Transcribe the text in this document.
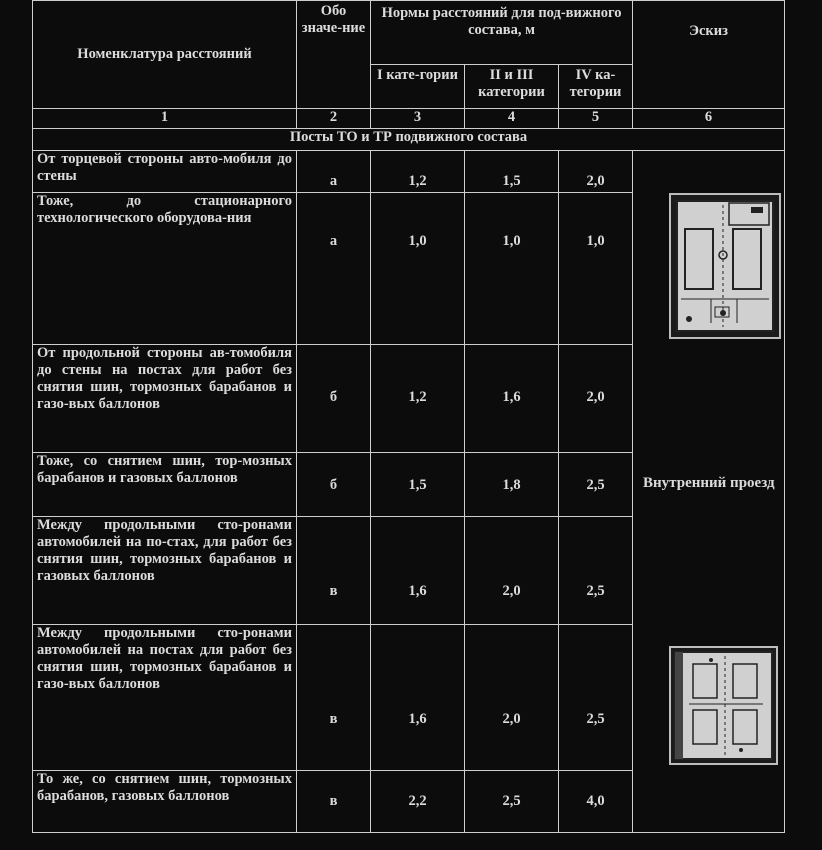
Номенклатура расстояний	Обо значе-ние	Нормы расстояний для под-вижного состава, м			Эскиз
		I кате-гории	II и III категории	IV ка-тегории	
1	2	3	4	5	6
Посты ТО и ТР подвижного состава					
От торцевой стороны авто-мобиля до стены	а	1,2	1,5	2,0	Внутренний проезд

Тоже, до стационарного технологического оборудова-ния	а	1,0	1,0	1,0	
От продольной стороны ав-томобиля до стены на постах для работ без снятия шин, тормозных барабанов и газо-вых баллонов	б	1,2	1,6	2,0	
Тоже, со снятием шин, тор-мозных барабанов и газовых баллонов	б	1,5	1,8	2,5	
Между продольными сто-ронами автомобилей на по-стах, для работ без снятия шин, тормозных барабанов и газовых баллонов	в	1,6	2,0	2,5	
Между продольными сто-ронами автомобилей на постах для работ без снятия шин, тормозных барабанов и газо-вых баллонов	в	1,6	2,0	2,5	
То же, со снятием шин, тормозных барабанов, газовых баллонов	в	2,2	2,5	4,0	
